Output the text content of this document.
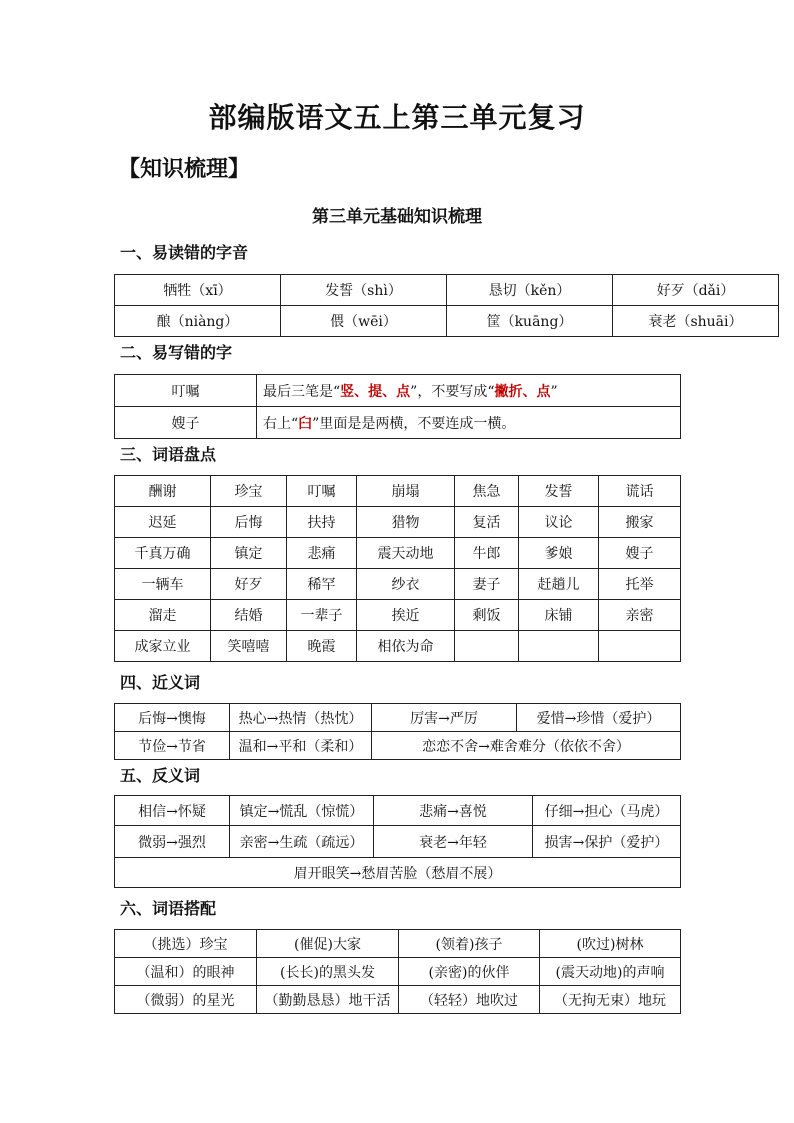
部编版语文五上第三单元复习
【知识梳理】
第三单元基础知识梳理
一、易读错的字音
牺牲（xī）	发誓（shì）	恳切（kěn）	好歹（dǎi）
酿（niàng）	偎（wēi）	筐（kuāng）	衰老（shuāi）
二、易写错的字
叮嘱	最后三笔是“竖、提、点”，不要写成“撇折、点”
嫂子	右上“臼”里面是是两横，不要连成一横。
三、词语盘点
酬谢	珍宝	叮嘱	崩塌	焦急	发誓	谎话
迟延	后悔	扶持	猎物	复活	议论	搬家
千真万确	镇定	悲痛	震天动地	牛郎	爹娘	嫂子
一辆车	好歹	稀罕	纱衣	妻子	赶趟儿	托举
溜走	结婚	一辈子	挨近	剩饭	床铺	亲密
成家立业	笑嘻嘻	晚霞	相依为命			
四、近义词
后悔→懊悔	热心→热情（热忱）	厉害→严厉	爱惜→珍惜（爱护）
节俭→节省	温和→平和（柔和）	恋恋不舍→难舍难分（依依不舍）	
五、反义词
相信→怀疑	镇定→慌乱（惊慌）	悲痛→喜悦	仔细→担心（马虎）
微弱→强烈	亲密→生疏（疏远）	衰老→年轻	损害→保护（爱护）
眉开眼笑→愁眉苦脸（愁眉不展）			
六、词语搭配
（挑选）珍宝	(催促)大家	(领着)孩子	(吹过)树林
（温和）的眼神	(长长)的黑头发	(亲密)的伙伴	(震天动地)的声响
（微弱）的星光	（勤勤恳恳）地干活	（轻轻）地吹过	（无拘无束）地玩
